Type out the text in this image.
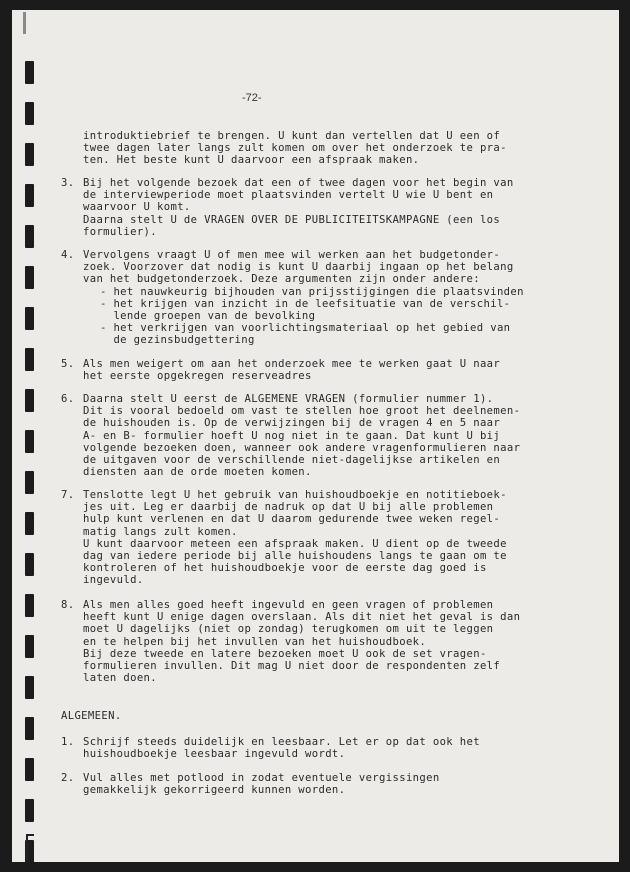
-72-
introduktiebrief te brengen. U kunt dan vertellen dat U een of
twee dagen later langs zult komen om over het onderzoek te pra-
ten. Het beste kunt U daarvoor een afspraak maken.
3. Bij het volgende bezoek dat een of twee dagen voor het begin van
de interviewperiode moet plaatsvinden vertelt U wie U bent en
waarvoor U komt.
Daarna stelt U de VRAGEN OVER DE PUBLICITEITSKAMPAGNE (een los
formulier).
4. Vervolgens vraagt U of men mee wil werken aan het budgetonder-
zoek. Voorzover dat nodig is kunt U daarbij ingaan op het belang
van het budgetonderzoek. Deze argumenten zijn onder andere:
- het nauwkeurig bijhouden van prijsstijgingen die plaatsvinden
- het krijgen van inzicht in de leefsituatie van de verschil-
lende groepen van de bevolking
- het verkrijgen van voorlichtingsmateriaal op het gebied van
de gezinsbudgettering
5. Als men weigert om aan het onderzoek mee te werken gaat U naar
het eerste opgekregen reserveadres
6. Daarna stelt U eerst de ALGEMENE VRAGEN (formulier nummer 1).
Dit is vooral bedoeld om vast te stellen hoe groot het deelnemen-
de huishouden is. Op de verwijzingen bij de vragen 4 en 5 naar
A- en B- formulier hoeft U nog niet in te gaan. Dat kunt U bij
volgende bezoeken doen, wanneer ook andere vragenformulieren naar
de uitgaven voor de verschillende niet-dagelijkse artikelen en
diensten aan de orde moeten komen.
7. Tenslotte legt U het gebruik van huishoudboekje en notitieboek-
jes uit. Leg er daarbij de nadruk op dat U bij alle problemen
hulp kunt verlenen en dat U daarom gedurende twee weken regel-
matig langs zult komen.
U kunt daarvoor meteen een afspraak maken. U dient op de tweede
dag van iedere periode bij alle huishoudens langs te gaan om te
kontroleren of het huishoudboekje voor de eerste dag goed is
ingevuld.
8. Als men alles goed heeft ingevuld en geen vragen of problemen
heeft kunt U enige dagen overslaan. Als dit niet het geval is dan
moet U dagelijks (niet op zondag) terugkomen om uit te leggen
en te helpen bij het invullen van het huishoudboek.
Bij deze tweede en latere bezoeken moet U ook de set vragen-
formulieren invullen. Dit mag U niet door de respondenten zelf
laten doen.
ALGEMEEN.
1. Schrijf steeds duidelijk en leesbaar. Let er op dat ook het
huishoudboekje leesbaar ingevuld wordt.
2. Vul alles met potlood in zodat eventuele vergissingen
gemakkelijk gekorrigeerd kunnen worden.
